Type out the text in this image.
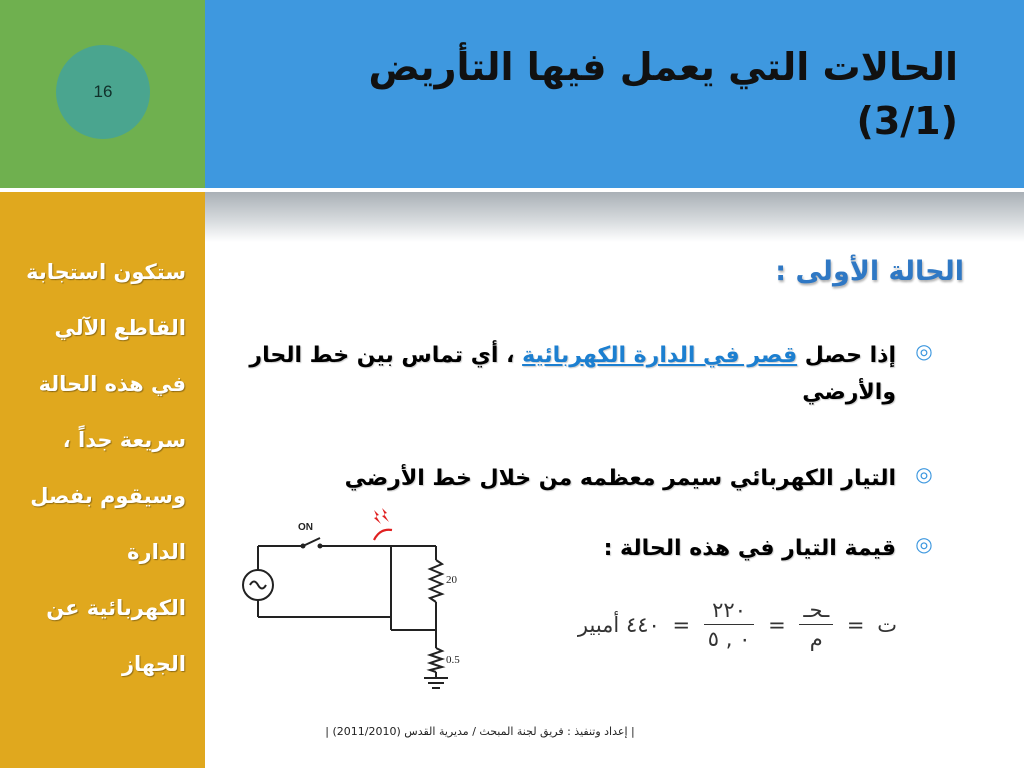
16
الحالات التي يعمل فيها التأريض
(3/1)
ستكون استجابة
القاطع الآلي
في هذه الحالة
سريعة جداً ،
وسيقوم بفصل
الدارة
الكهربائية عن
الجهاز
الحالة الأولى :
◎
إذا حصل قصر في الدارة الكهربائية ، أي تماس بين خط الحار والأرضي
◎
التيار الكهربائي سيمر معظمه من خلال خط الأرضي
◎
قيمة التيار في هذه الحالة :
ت =
$\frac{\text{ـحـ}}{\text{م}}$
=
$\frac{٢٢٠}{٠ , ٥}$
= ٤٤٠ أمبير
ON
20
0.5
| إعداد وتنفيذ : فريق لجنة المبحث / مديرية القدس (2011/2010) |
